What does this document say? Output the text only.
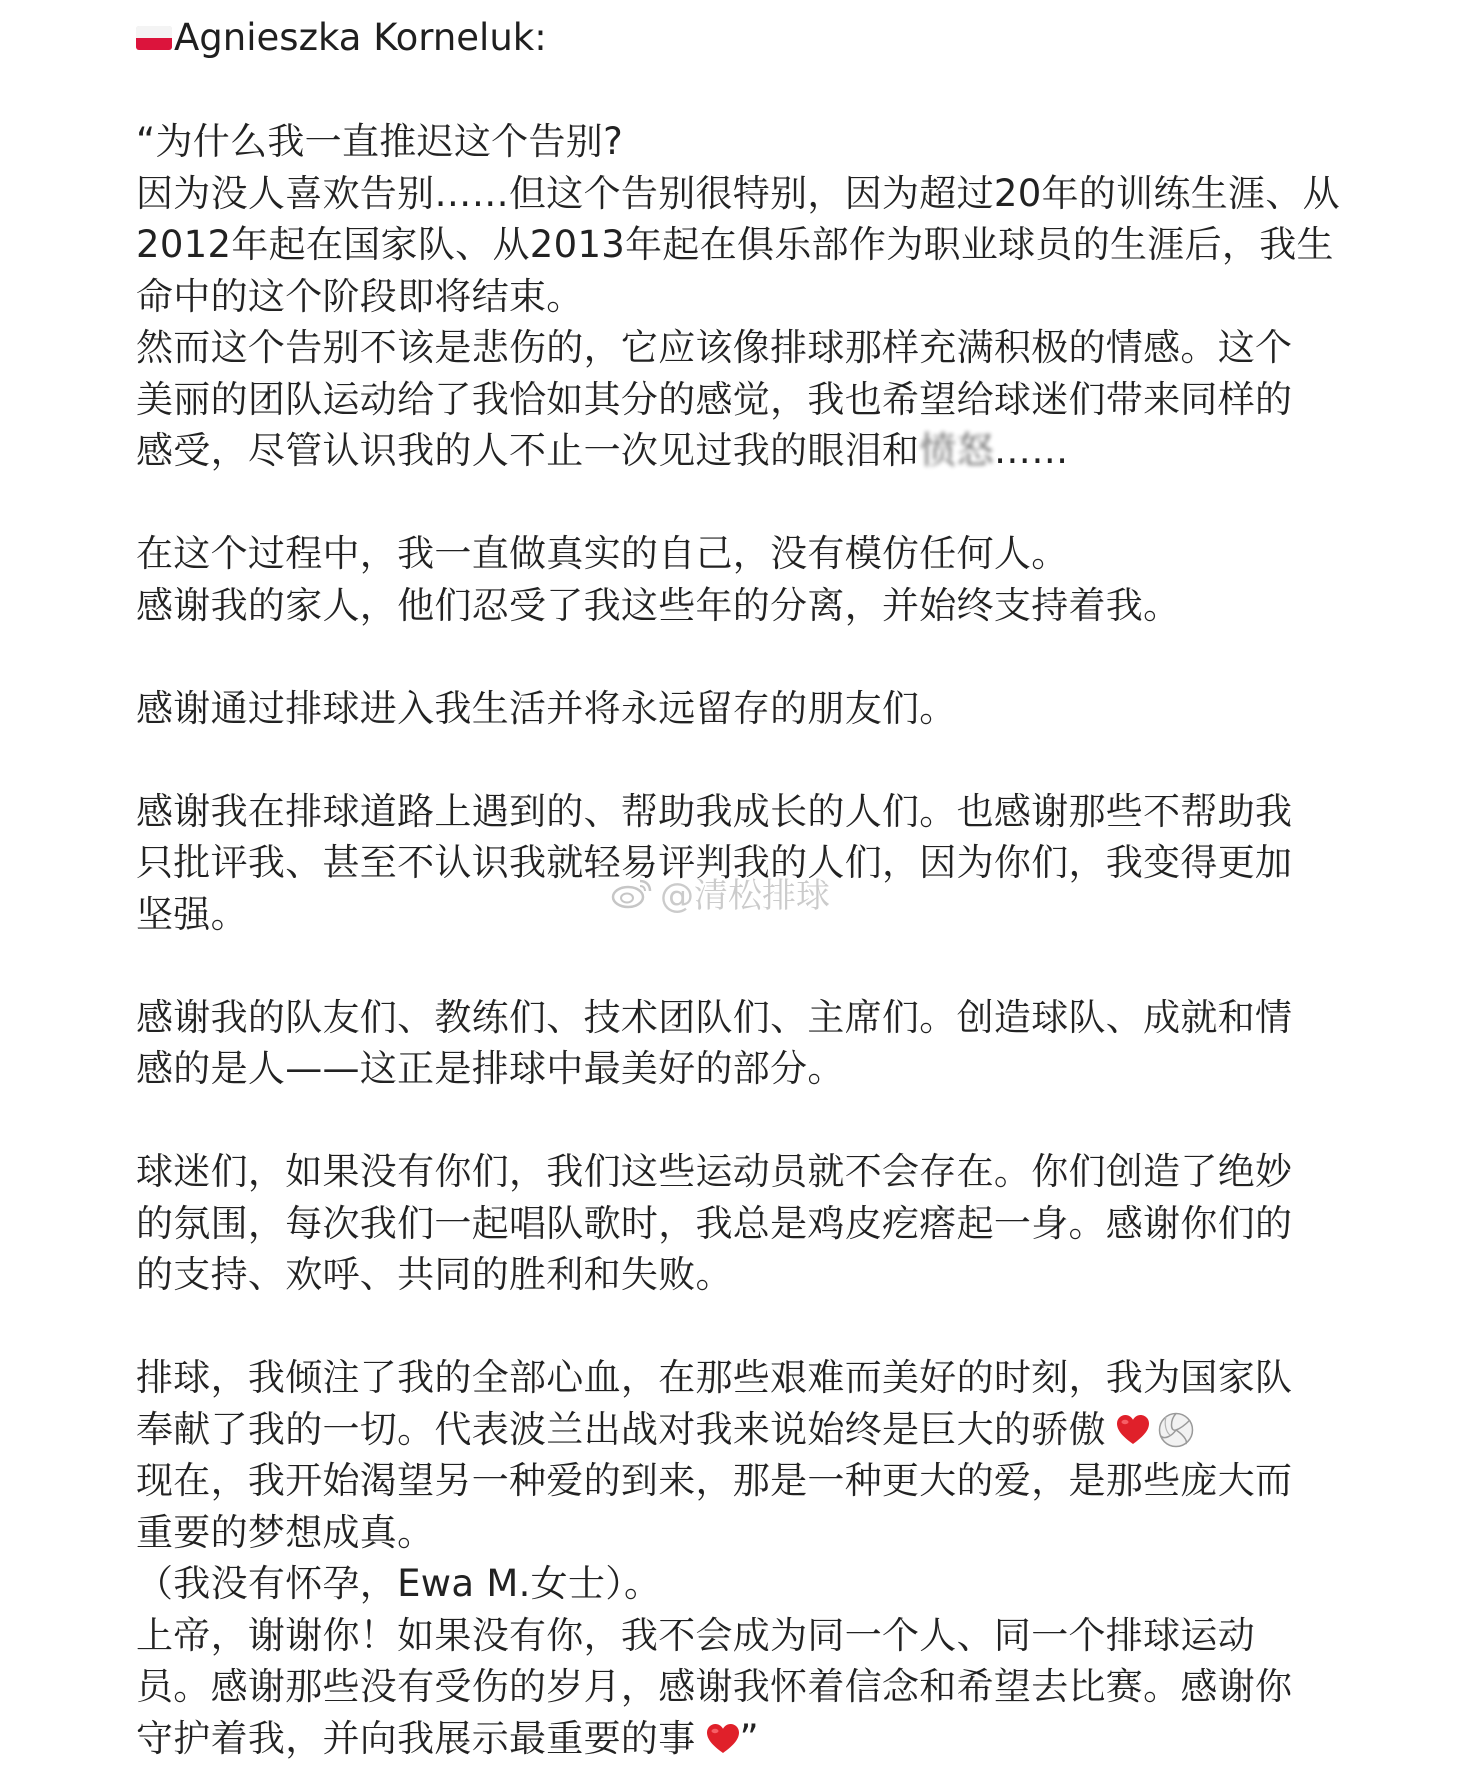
Agnieszka Korneluk:
“为什么我一直推迟这个告别?
因为没人喜欢告别……但这个告别很特别，因为超过20年的训练生涯、从
2012年起在国家队、从2013年起在俱乐部作为职业球员的生涯后，我生
命中的这个阶段即将结束。
然而这个告别不该是悲伤的，它应该像排球那样充满积极的情感。这个
美丽的团队运动给了我恰如其分的感觉，我也希望给球迷们带来同样的
感受，尽管认识我的人不止一次见过我的眼泪和愤怒……
在这个过程中，我一直做真实的自己，没有模仿任何人。
感谢我的家人，他们忍受了我这些年的分离，并始终支持着我。
感谢通过排球进入我生活并将永远留存的朋友们。
感谢我在排球道路上遇到的、帮助我成长的人们。也感谢那些不帮助我
只批评我、甚至不认识我就轻易评判我的人们，因为你们，我变得更加
坚强。
感谢我的队友们、教练们、技术团队们、主席们。创造球队、成就和情
感的是人——这正是排球中最美好的部分。
球迷们，如果没有你们，我们这些运动员就不会存在。你们创造了绝妙
的氛围，每次我们一起唱队歌时，我总是鸡皮疙瘩起一身。感谢你们的
的支持、欢呼、共同的胜利和失败。
排球，我倾注了我的全部心血，在那些艰难而美好的时刻，我为国家队
奉献了我的一切。代表波兰出战对我来说始终是巨大的骄傲
现在，我开始渴望另一种爱的到来，那是一种更大的爱，是那些庞大而
重要的梦想成真。
（我没有怀孕，Ewa M.女士）。
上帝，谢谢你！如果没有你，我不会成为同一个人、同一个排球运动
员。感谢那些没有受伤的岁月，感谢我怀着信念和希望去比赛。感谢你
守护着我，并向我展示最重要的事 ”
@清松排球
